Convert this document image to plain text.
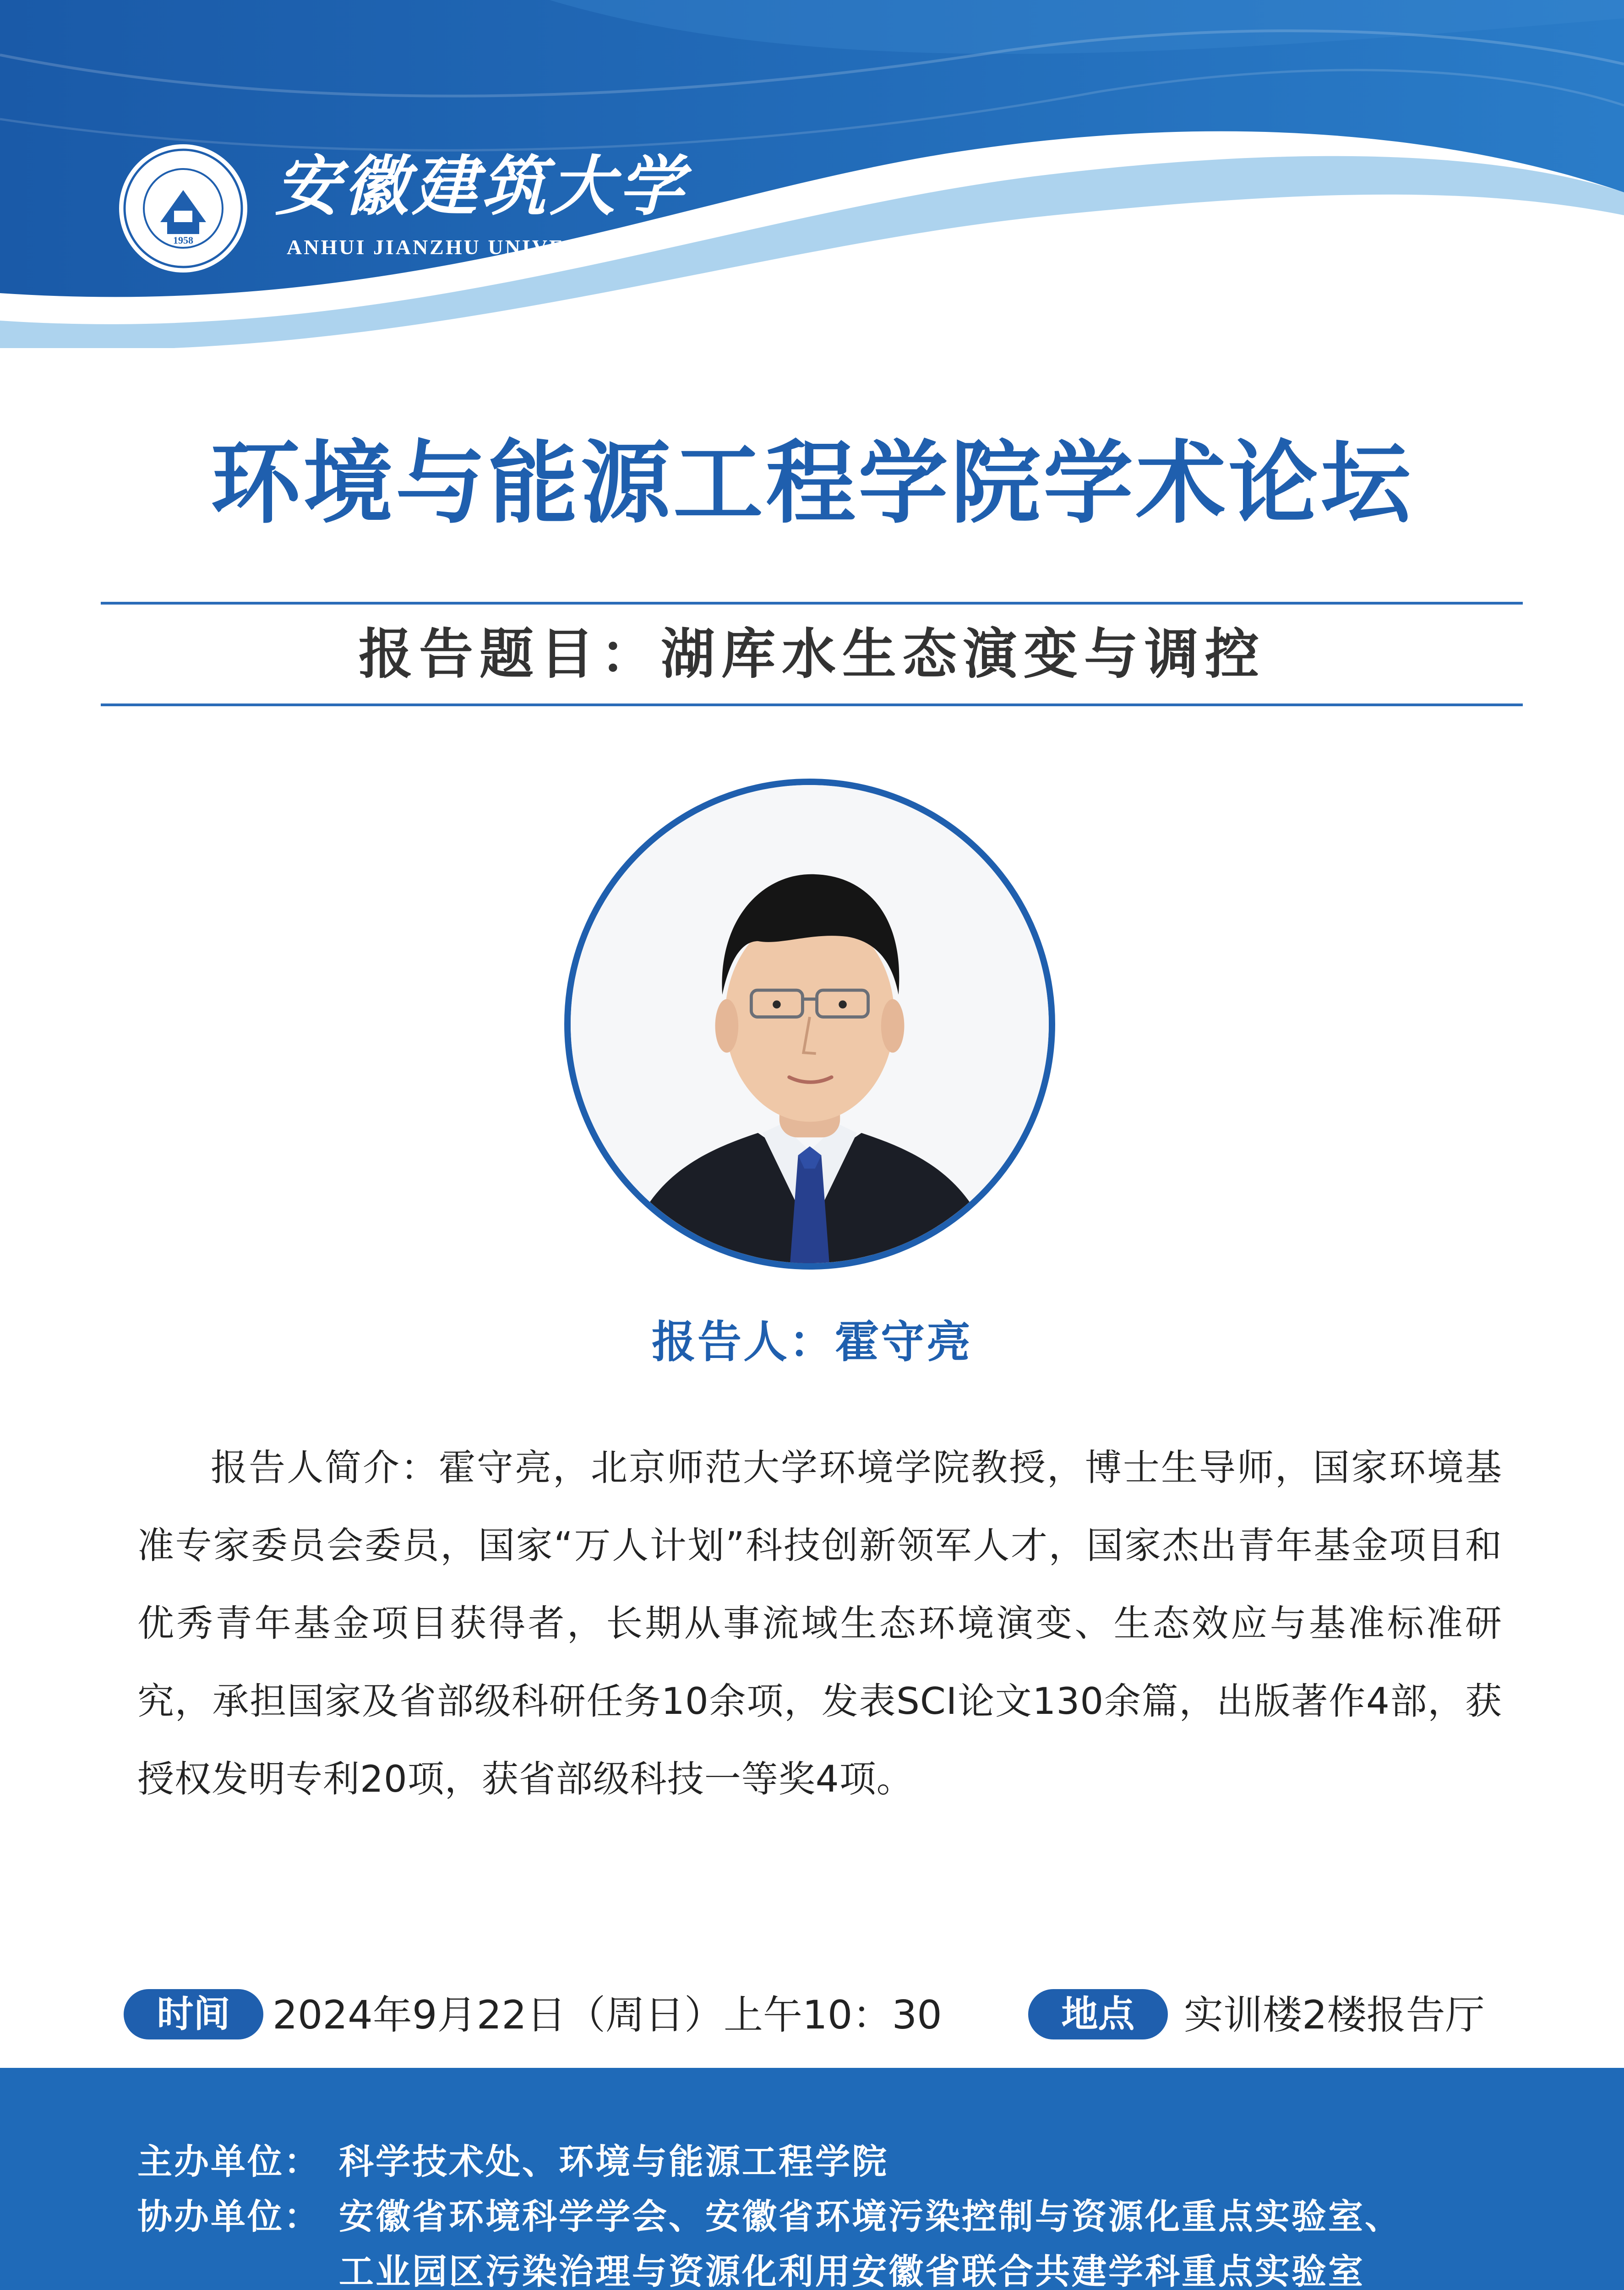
1958
安徽建筑大学
ANHUI JIANZHU UNIVERSITY
环境与能源工程学院学术论坛
报告题目：湖库水生态演变与调控
报告人：霍守亮
报告人简介：霍守亮，北京师范大学环境学院教授，博士生导师，国家环境基准专家委员会委员，国家“万人计划”科技创新领军人才，国家杰出青年基金项目和优秀青年基金项目获得者，长期从事流域生态环境演变、生态效应与基准标准研究，承担国家及省部级科研任务10余项，发表SCI论文130余篇，出版著作4部，获授权发明专利20项，获省部级科技一等奖4项。
时间	2024年9月22日（周日）上午10：30	地点	实训楼2楼报告厅
主办单位： 科学技术处、环境与能源工程学院
协办单位： 安徽省环境科学学会、安徽省环境污染控制与资源化重点实验室、
工业园区污染治理与资源化利用安徽省联合共建学科重点实验室
